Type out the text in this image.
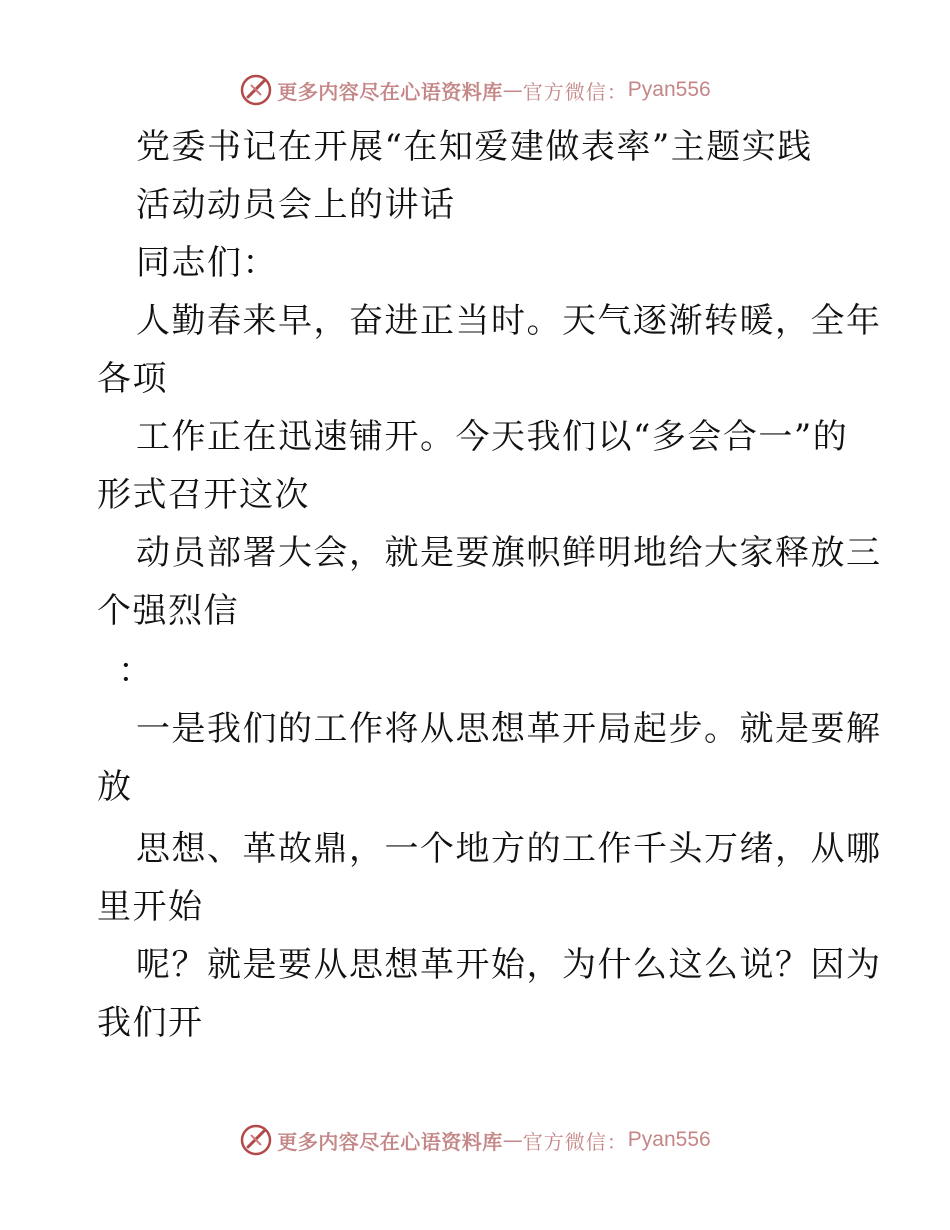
更多内容尽在心语资料库 — 官方微信： Pyan556
党委书记在开展“在知爱建做表率”主题实践
活动动员会上的讲话
同志们：
人勤春来早，奋进正当时。天气逐渐转暖，全年
各项
工作正在迅速铺开。今天我们以“多会合一”的
形式召开这次
动员部署大会，就是要旗帜鲜明地给大家释放三
个强烈信
：
一是我们的工作将从思想革开局起步。就是要解
放
思想、革故鼎，一个地方的工作千头万绪，从哪
里开始
呢？就是要从思想革开始，为什么这么说？因为
我们开
更多内容尽在心语资料库 — 官方微信： Pyan556
